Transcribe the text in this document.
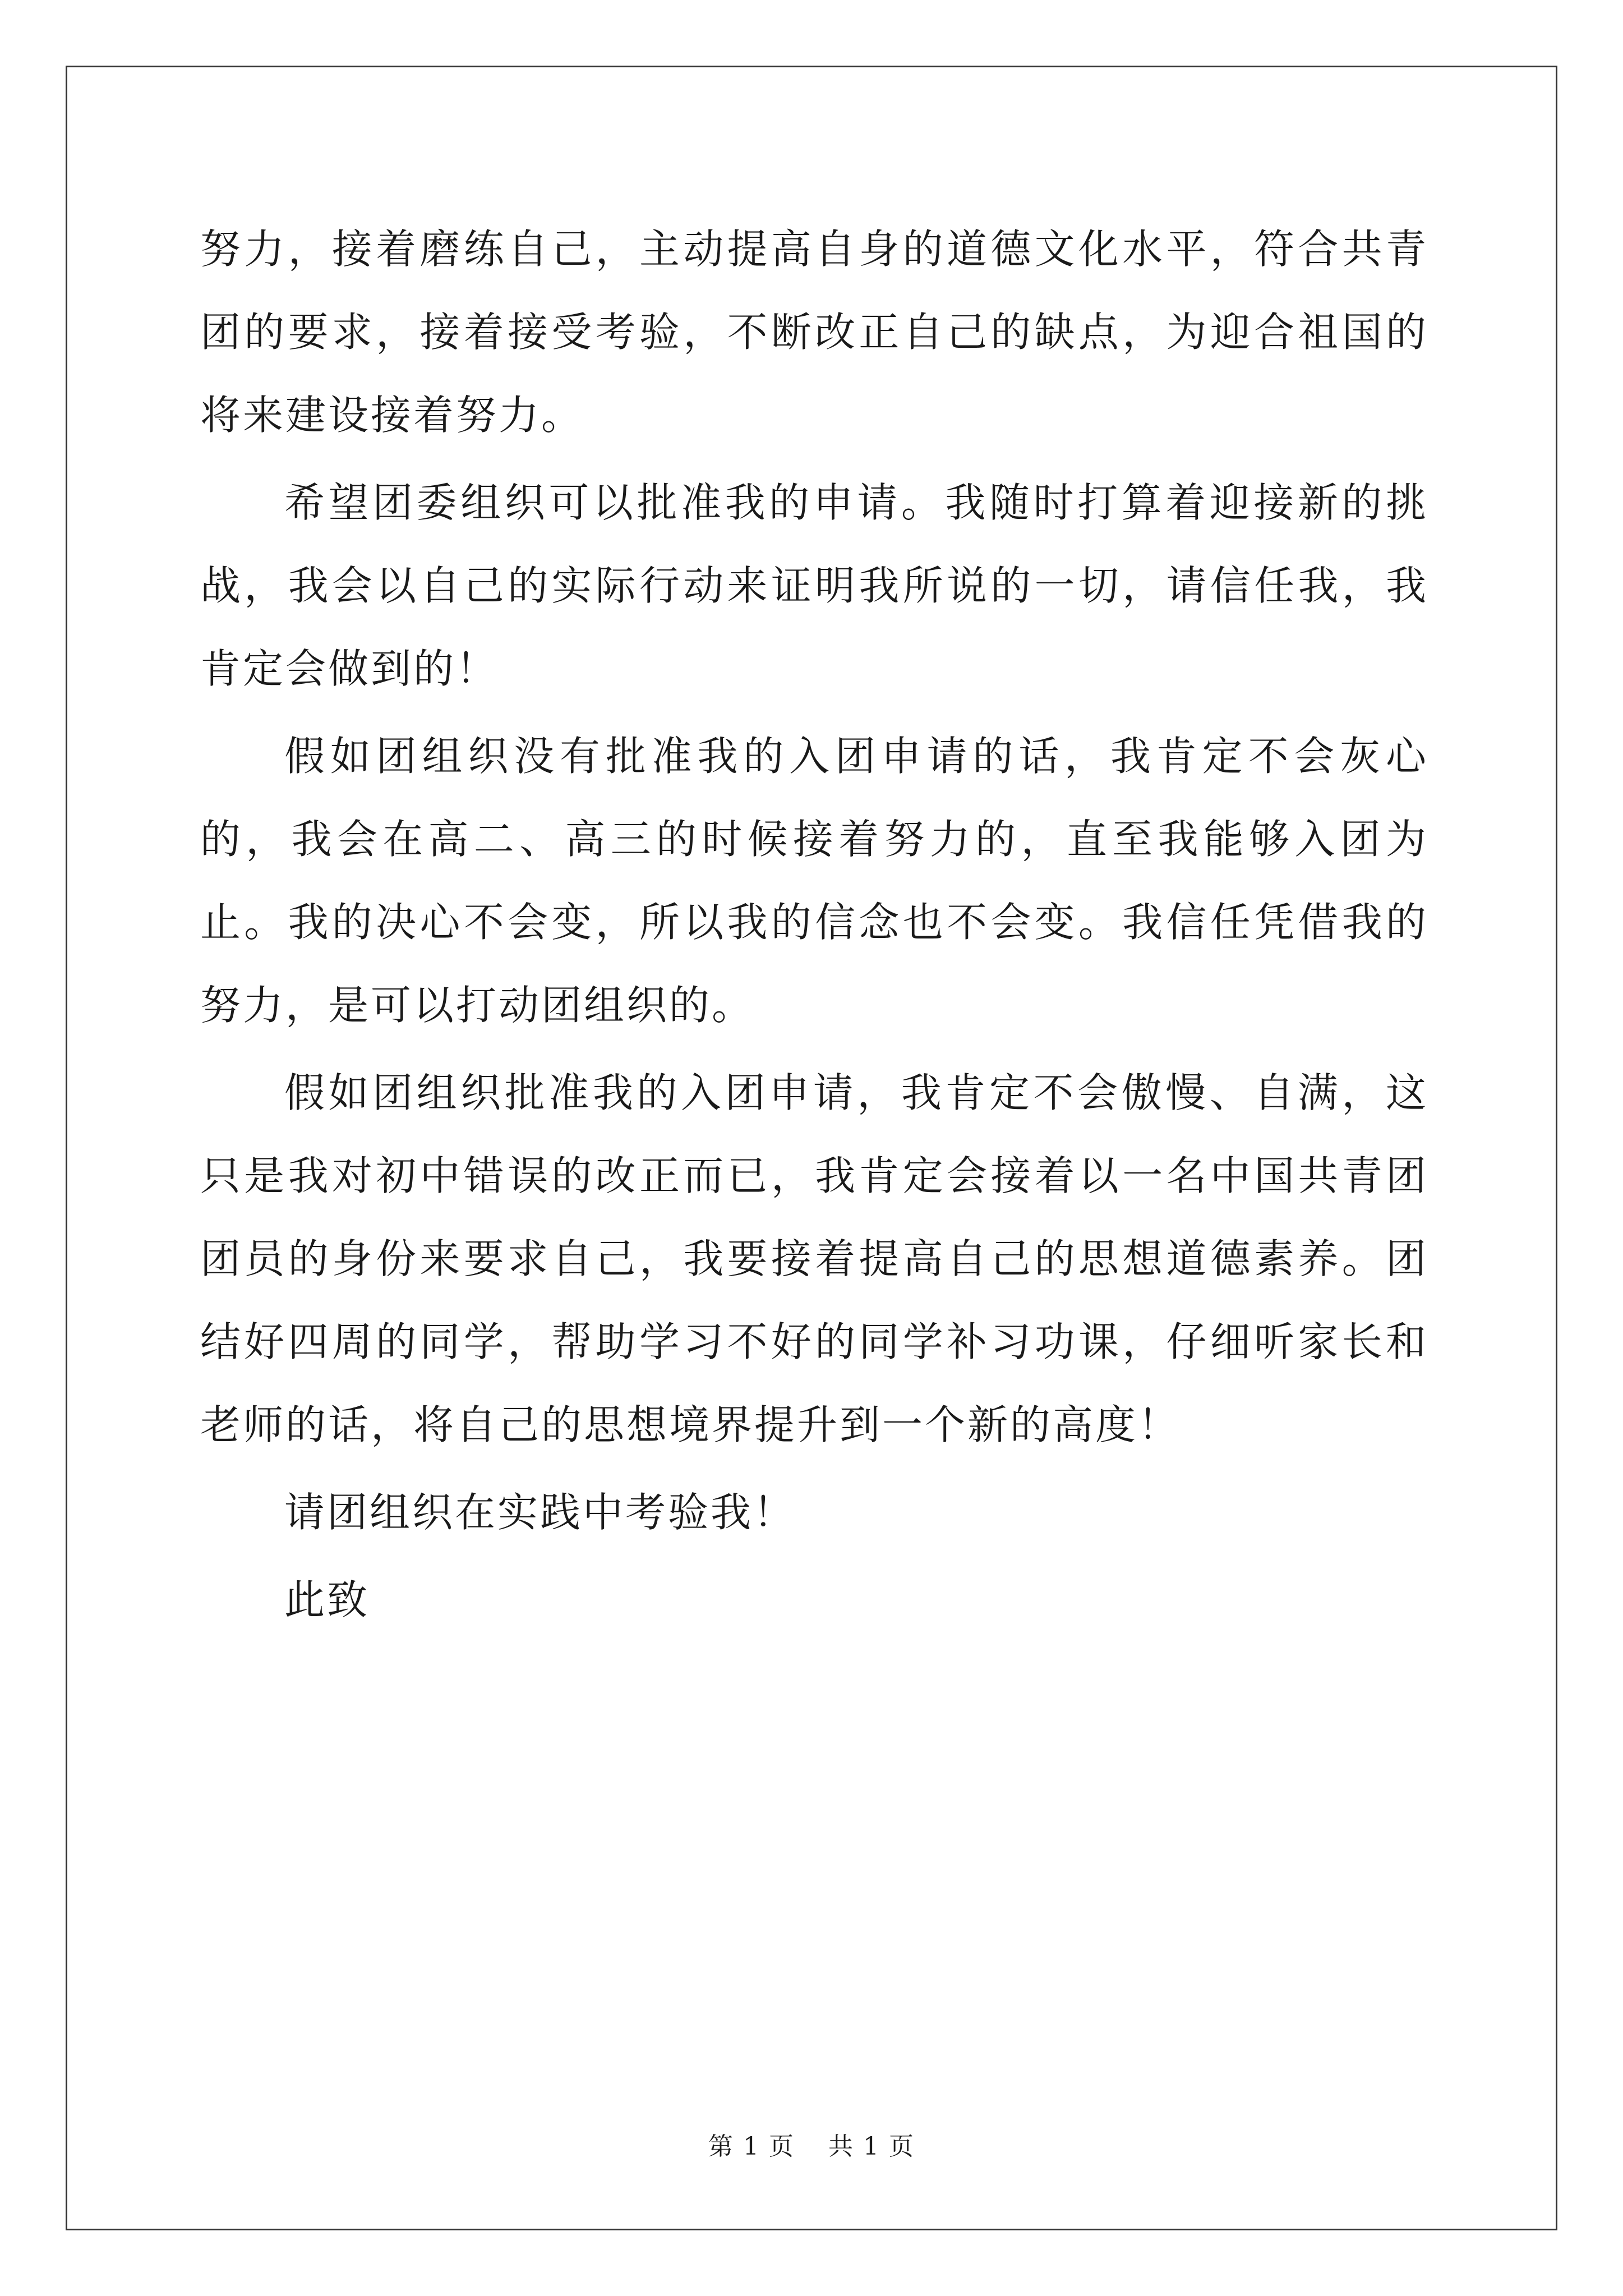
努力，接着磨练自己，主动提高自身的道德文化水平，符合共青团的要求，接着接受考验，不断改正自己的缺点，为迎合祖国的将来建设接着努力。

希望团委组织可以批准我的申请。我随时打算着迎接新的挑战，我会以自己的实际行动来证明我所说的一切，请信任我，我肯定会做到的！

假如团组织没有批准我的入团申请的话，我肯定不会灰心的，我会在高二、高三的时候接着努力的，直至我能够入团为止。我的决心不会变，所以我的信念也不会变。我信任凭借我的努力，是可以打动团组织的。

假如团组织批准我的入团申请，我肯定不会傲慢、自满，这只是我对初中错误的改正而已，我肯定会接着以一名中国共青团团员的身份来要求自己，我要接着提高自己的思想道德素养。团结好四周的同学，帮助学习不好的同学补习功课，仔细听家长和老师的话，将自己的思想境界提升到一个新的高度！

请团组织在实践中考验我！

此致

第 1 页 共 1 页
